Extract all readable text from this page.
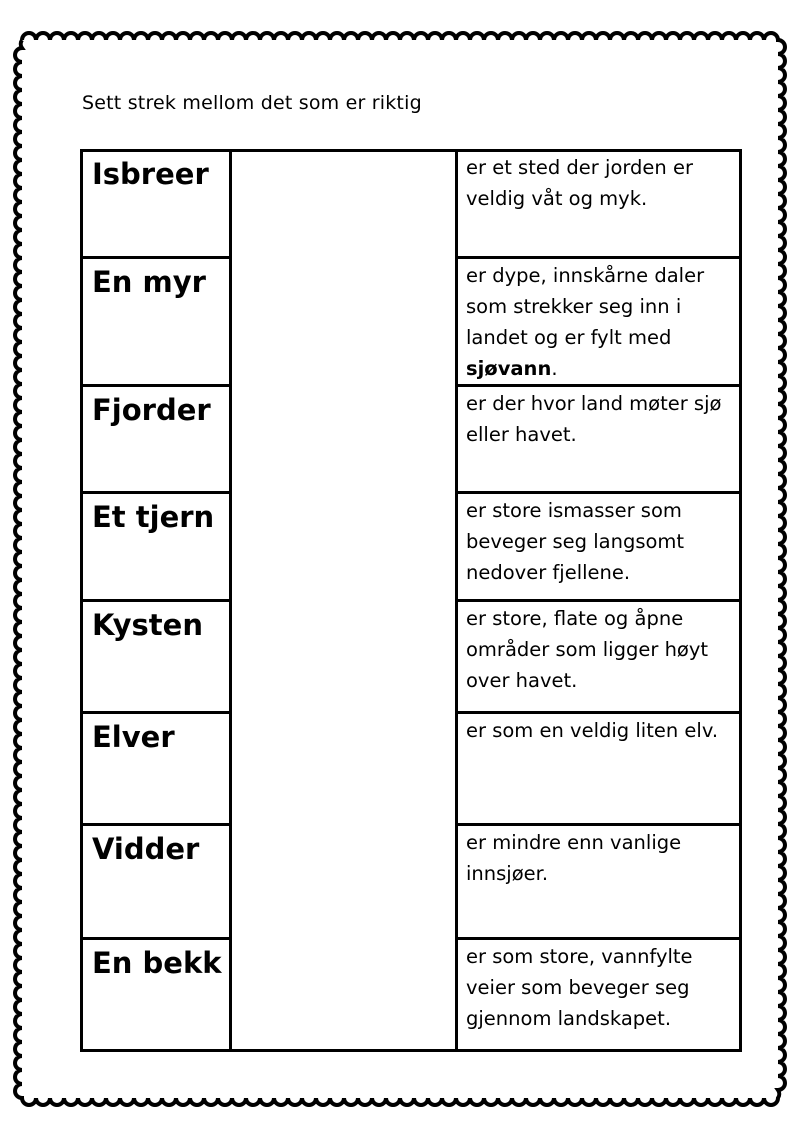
Sett strek mellom det som er riktig
Isbreer
En myr
Fjorder
Et tjern
Kysten
Elver
Vidder
En bekk
er et sted der jorden er veldig våt og myk.
er dype, innskårne daler som strekker seg inn i landet og er fylt med sjøvann.
er der hvor land møter sjø eller havet.
er store ismasser som beveger seg langsomt nedover fjellene.
er store, flate og åpne områder som ligger høyt over havet.
er som en veldig liten elv.
er mindre enn vanlige innsjøer.
er som store, vannfylte veier som beveger seg gjennom landskapet.
